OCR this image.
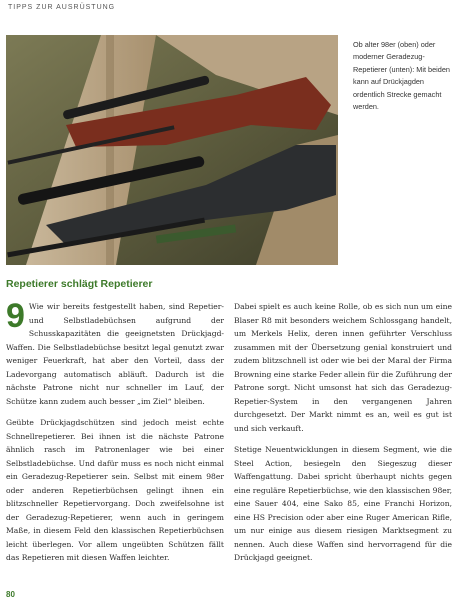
TIPPS ZUR AUSRÜSTUNG
Ob alter 98er (oben) oder moderner Geradezug-Repetierer (unten): Mit beiden kann auf Drückjagden ordentlich Strecke gemacht werden.
Repetierer schlägt Repetierer

9 Wie wir bereits festgestellt haben, sind Repetier- und Selbstladebüchsen aufgrund der Schusskapazitäten die geeignetsten Drückjagd-Waffen. Die Selbstladebüchse besitzt legal genutzt zwar weniger Feuerkraft, hat aber den Vorteil, dass der Ladevorgang automatisch abläuft. Dadurch ist die nächste Patrone nicht nur schneller im Lauf, der Schütze kann zudem auch besser „im Ziel“ bleiben.

Geübte Drückjagdschützen sind jedoch meist echte Schnellrepetierer. Bei ihnen ist die nächste Patrone ähnlich rasch im Patronenlager wie bei einer Selbstladebüchse. Und dafür muss es noch nicht einmal ein Geradezug-Repetierer sein. Selbst mit einem 98er oder anderen Repetierbüchsen gelingt ihnen ein blitzschneller Repetiervorgang. Doch zweifelsohne ist der Geradezug-Repetierer, wenn auch in geringem Maße, in diesem Feld den klassischen Repetierbüchsen leicht überlegen. Vor allem ungeübten Schützen fällt das Repetieren mit diesen Waffen leichter.

Dabei spielt es auch keine Rolle, ob es sich nun um eine Blaser R8 mit besonders weichem Schlossgang handelt, um Merkels Helix, deren innen geführter Verschluss zusammen mit der Übersetzung genial konstruiert und zudem blitzschnell ist oder wie bei der Maral der Firma Browning eine starke Feder allein für die Zuführung der Patrone sorgt. Nicht umsonst hat sich das Geradezug-Repetier-System in den vergangenen Jahren durchgesetzt. Der Markt nimmt es an, weil es gut ist und sich verkauft.

Stetige Neuentwicklungen in diesem Segment, wie die Steel Action, besiegeln den Siegeszug dieser Waffengattung. Dabei spricht überhaupt nichts gegen eine reguläre Repetierbüchse, wie den klassischen 98er, eine Sauer 404, eine Sako 85, eine Franchi Horizon, eine HS Precision oder aber eine Ruger American Rifle, um nur einige aus diesem riesigen Marktsegment zu nennen. Auch diese Waffen sind hervorragend für die Drückjagd geeignet.

80
